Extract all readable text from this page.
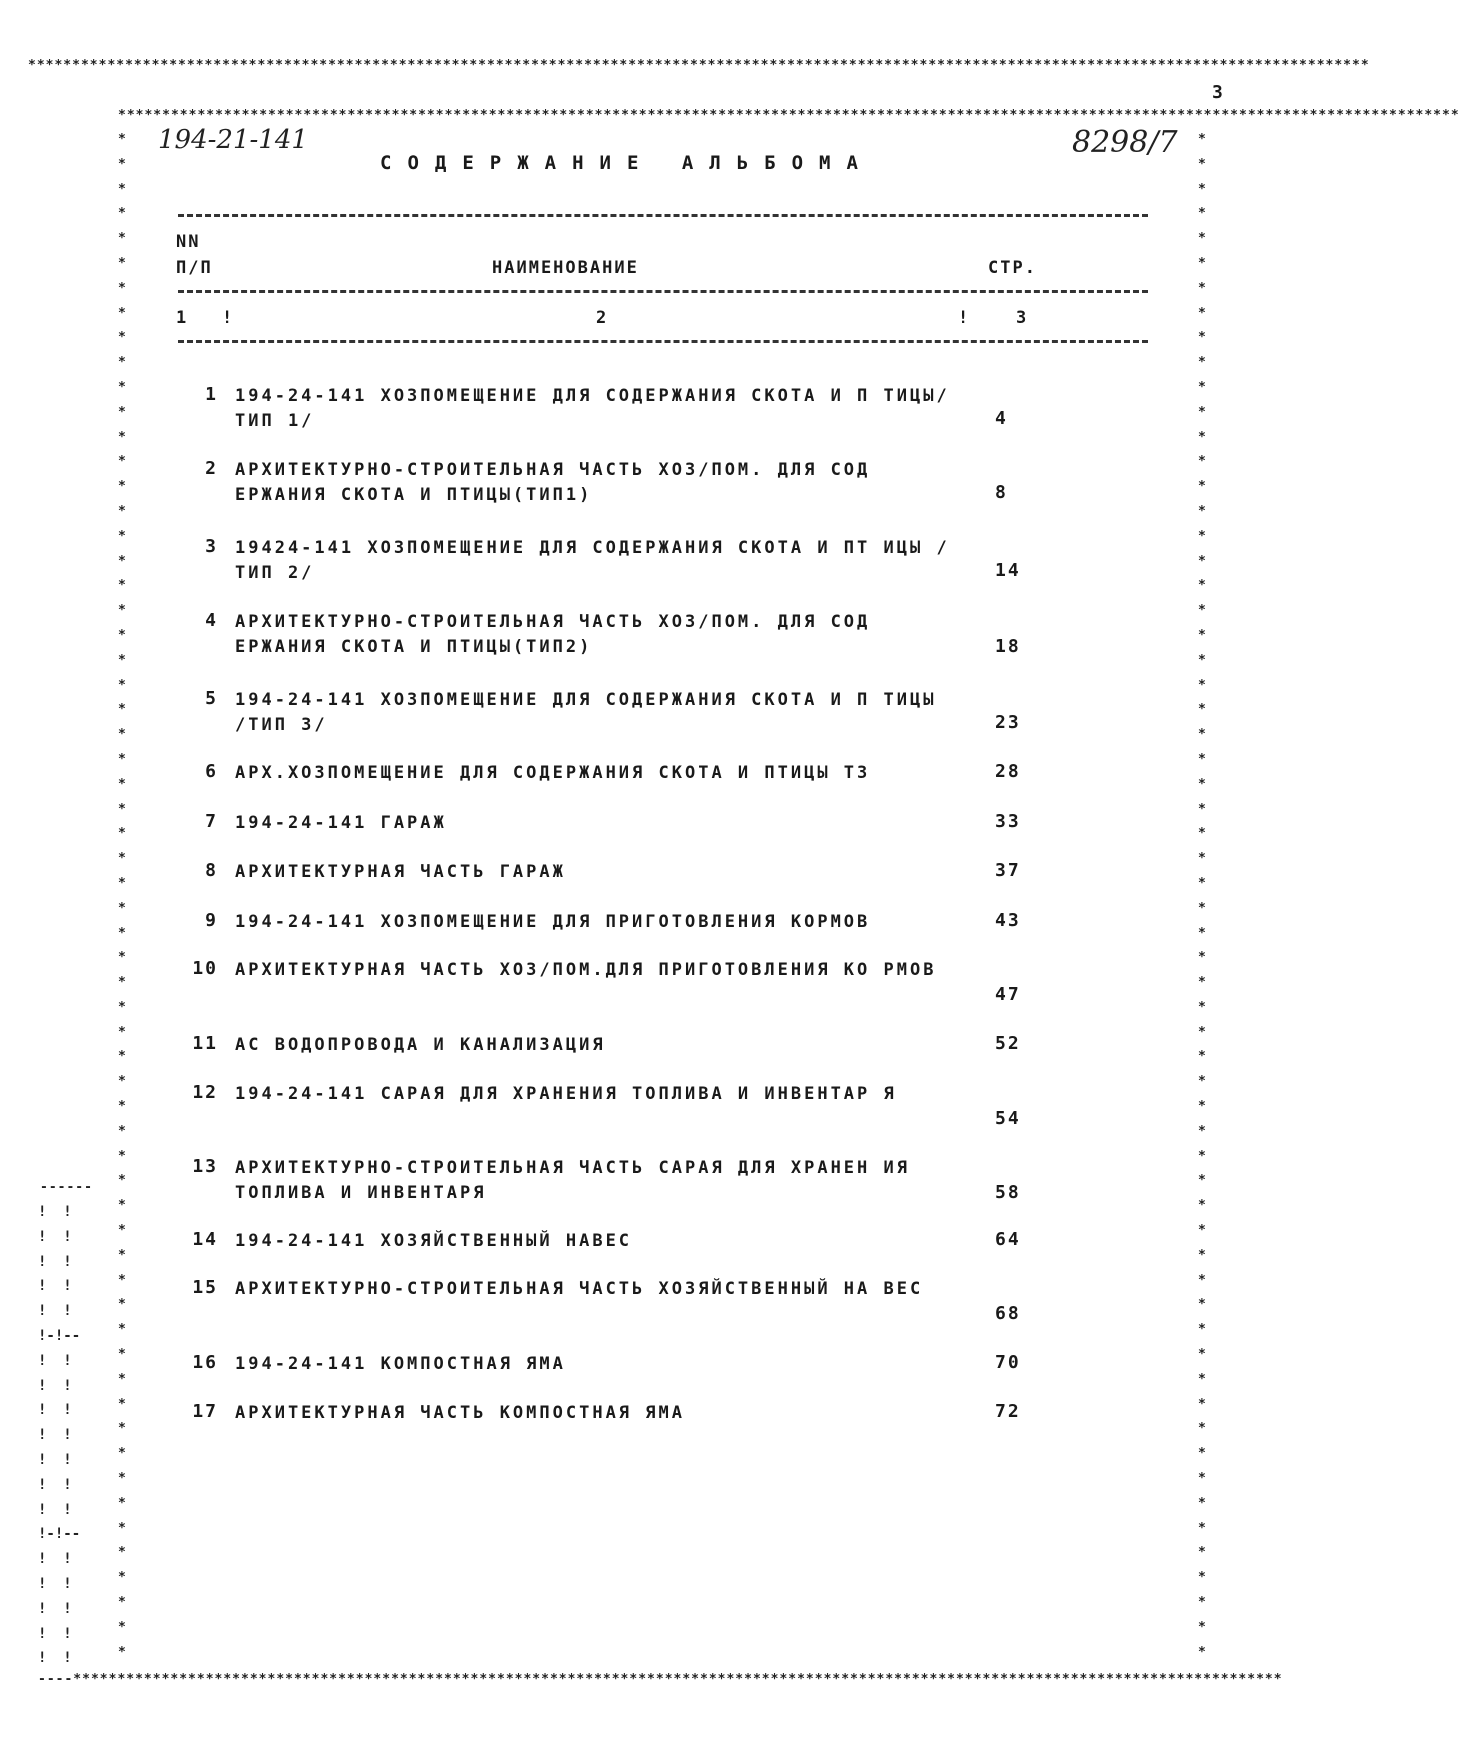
********************************************************************************************************************************************************
3
********************************************************************************************************************************************************
----*****************************************************************************************************************************************
*
*
*
*
*
*
*
*
*
*
*
*
*
*
*
*
*
*
*
*
*
*
*
*
*
*
*
*
*
*
*
*
*
*
*
*
*
*
*
*
*
*
*
*
*
*
*
*
*
*
*
*
*
*
*
*
*
*
*
*
*
*
*
*
*
*
*
*
*
*
*
*
*
*
*
*
*
*
*
*
*
*
*
*
*
*
*
*
*
*
*
*
*
*
*
*
*
*
*
*
*
*
*
*
*
*
*
*
*
*
*
*
*
*
*
*
*
*
*
*
*
*
*
*
------
!  !
!  !
!  !
!  !
!  !
!-!--
!  !
!  !
!  !
!  !
!  !
!  !
!  !
!-!--
!  !
!  !
!  !
!  !
!  !
194-21-141	8298/7
СОДЕРЖАНИЕ АЛЬБОМА
NN
П/П	НАИМЕНОВАНИЕ	СТР.
1 !	2	!	3
1 194-24-141 ХОЗПОМЕЩЕНИЕ ДЛЯ СОДЕРЖАНИЯ СКОТА И П ТИЦЫ/ТИП 1/	4
2 АРХИТЕКТУРНО-СТРОИТЕЛЬНАЯ ЧАСТЬ ХОЗ/ПОМ. ДЛЯ СОД ЕРЖАНИЯ СКОТА И ПТИЦЫ(ТИП1)	8
3 19424-141 ХОЗПОМЕЩЕНИЕ ДЛЯ СОДЕРЖАНИЯ СКОТА И ПТ ИЦЫ /ТИП 2/	14
4 АРХИТЕКТУРНО-СТРОИТЕЛЬНАЯ ЧАСТЬ ХОЗ/ПОМ. ДЛЯ СОД ЕРЖАНИЯ СКОТА И ПТИЦЫ(ТИП2)	18
5 194-24-141 ХОЗПОМЕЩЕНИЕ ДЛЯ СОДЕРЖАНИЯ СКОТА И П ТИЦЫ /ТИП 3/	23
6 АРХ.ХОЗПОМЕЩЕНИЕ ДЛЯ СОДЕРЖАНИЯ СКОТА И ПТИЦЫ Т3	28
7 194-24-141 ГАРАЖ	33
8 АРХИТЕКТУРНАЯ ЧАСТЬ ГАРАЖ	37
9 194-24-141 ХОЗПОМЕЩЕНИЕ ДЛЯ ПРИГОТОВЛЕНИЯ КОРМОВ	43
10 АРХИТЕКТУРНАЯ ЧАСТЬ ХОЗ/ПОМ.ДЛЯ ПРИГОТОВЛЕНИЯ КО РМОВ
47
11 АС ВОДОПРОВОДА И КАНАЛИЗАЦИЯ	52
12 194-24-141 САРАЯ ДЛЯ ХРАНЕНИЯ ТОПЛИВА И ИНВЕНТАР Я
54
13 АРХИТЕКТУРНО-СТРОИТЕЛЬНАЯ ЧАСТЬ САРАЯ ДЛЯ ХРАНЕН ИЯ ТОПЛИВА И ИНВЕНТАРЯ	58
14 194-24-141 ХОЗЯЙСТВЕННЫЙ НАВЕС	64
15 АРХИТЕКТУРНО-СТРОИТЕЛЬНАЯ ЧАСТЬ ХОЗЯЙСТВЕННЫЙ НА ВЕС
68
16 194-24-141 КОМПОСТНАЯ ЯМА	70
17 АРХИТЕКТУРНАЯ ЧАСТЬ КОМПОСТНАЯ ЯМА	72
